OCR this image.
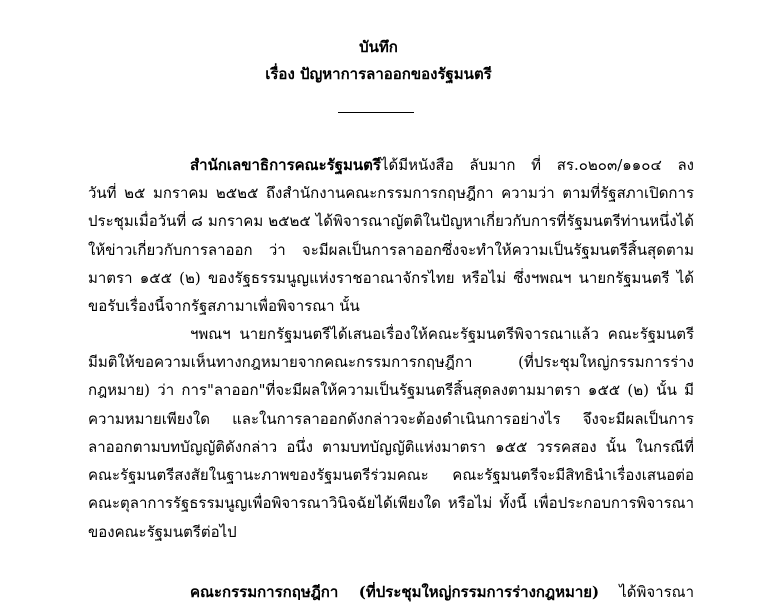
บันทึก
เรื่อง ปัญหาการลาออกของรัฐมนตรี
สำนักเลขาธิการคณะรัฐมนตรีได้มีหนังสือ ลับมาก ที่ สร.๐๒๐๓/๑๑๐๔ ลง
วันที่ ๒๕ มกราคม ๒๕๒๕ ถึงสำนักงานคณะกรรมการกฤษฎีกา ความว่า ตามที่รัฐสภาเปิดการ
ประชุมเมื่อวันที่ ๘ มกราคม ๒๕๒๕ ได้พิจารณาญัตติในปัญหาเกี่ยวกับการที่รัฐมนตรีท่านหนึ่งได้
ให้ข่าวเกี่ยวกับการลาออก ว่า จะมีผลเป็นการลาออกซึ่งจะทำให้ความเป็นรัฐมนตรีสิ้นสุดตาม
มาตรา ๑๕๕ (๒) ของรัฐธรรมนูญแห่งราชอาณาจักรไทย หรือไม่ ซึ่งฯพณฯ นายกรัฐมนตรี ได้
ขอรับเรื่องนี้จากรัฐสภามาเพื่อพิจารณา นั้น
ฯพณฯ นายกรัฐมนตรีได้เสนอเรื่องให้คณะรัฐมนตรีพิจารณาแล้ว คณะรัฐมนตรี
มีมติให้ขอความเห็นทางกฎหมายจากคณะกรรมการกฤษฎีกา (ที่ประชุมใหญ่กรรมการร่าง
กฎหมาย) ว่า การ"ลาออก"ที่จะมีผลให้ความเป็นรัฐมนตรีสิ้นสุดลงตามมาตรา ๑๕๕ (๒) นั้น มี
ความหมายเพียงใด และในการลาออกดังกล่าวจะต้องดำเนินการอย่างไร จึงจะมีผลเป็นการ
ลาออกตามบทบัญญัติดังกล่าว อนึ่ง ตามบทบัญญัติแห่งมาตรา ๑๕๕ วรรคสอง นั้น ในกรณีที่
คณะรัฐมนตรีสงสัยในฐานะภาพของรัฐมนตรีร่วมคณะ คณะรัฐมนตรีจะมีสิทธินำเรื่องเสนอต่อ
คณะตุลาการรัฐธรรมนูญเพื่อพิจารณาวินิจฉัยได้เพียงใด หรือไม่ ทั้งนี้ เพื่อประกอบการพิจารณา
ของคณะรัฐมนตรีต่อไป
คณะกรรมการกฤษฎีกา (ที่ประชุมใหญ่กรรมการร่างกฎหมาย) ได้พิจารณา
